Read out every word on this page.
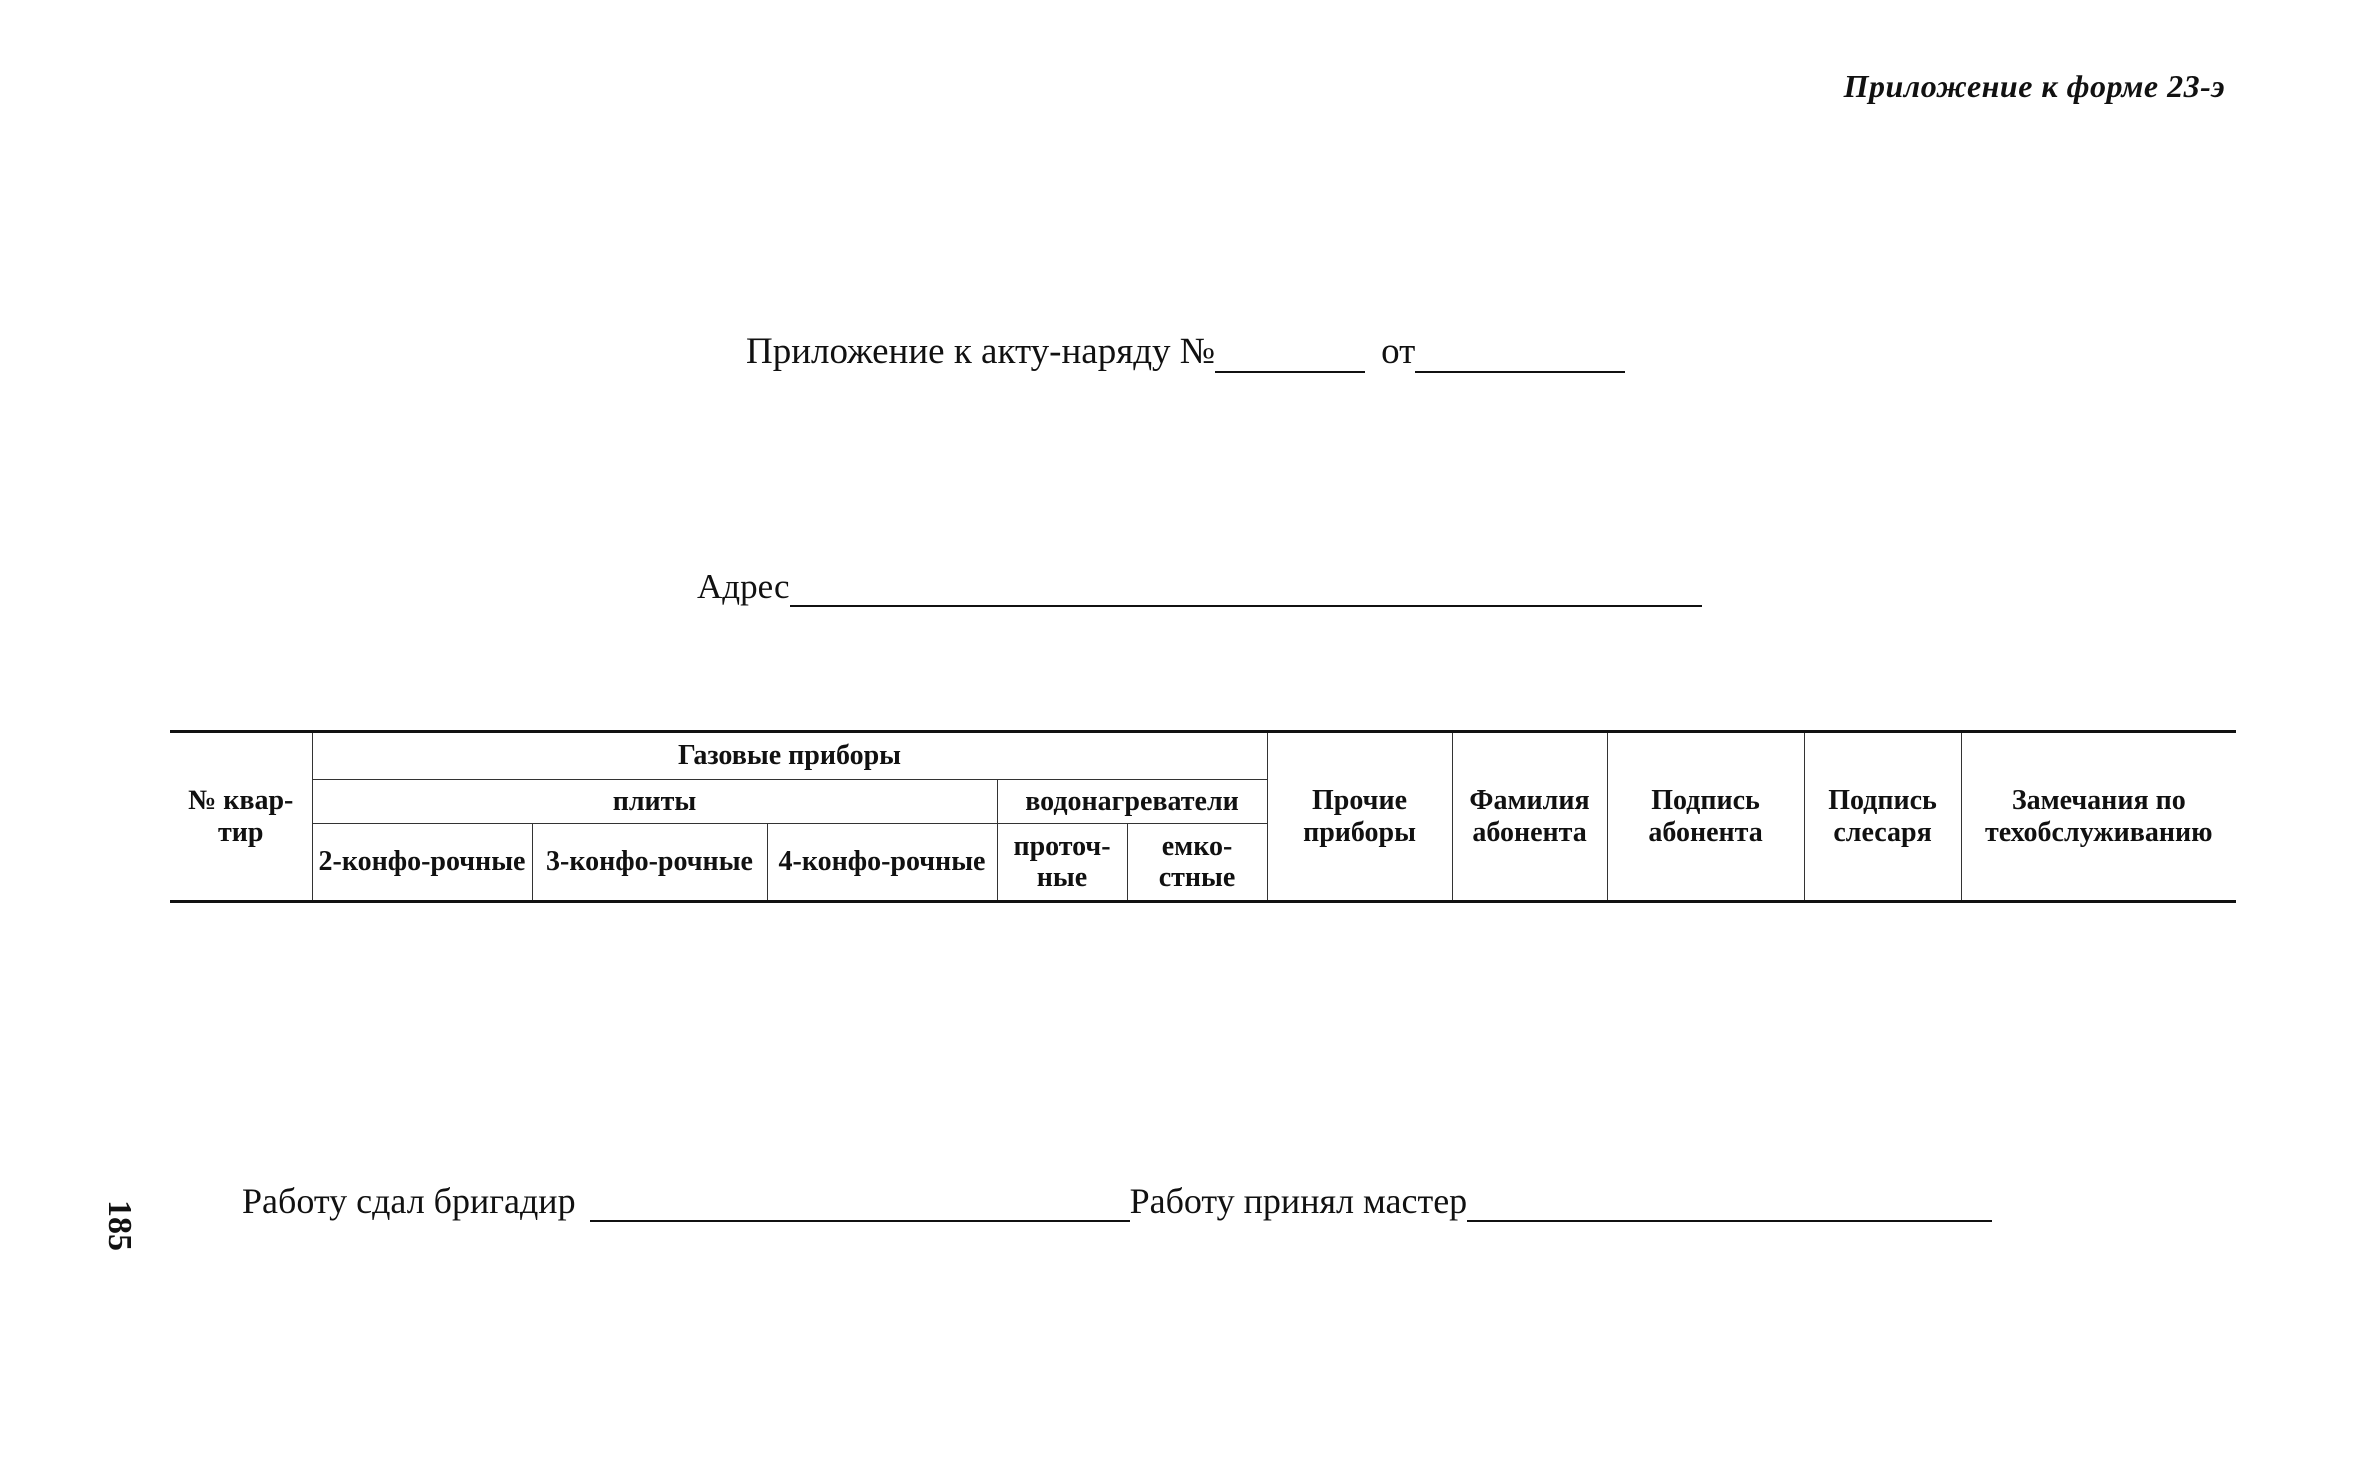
Приложение к форме 23-э
Приложение к акту-наряду №	от
Адрес
№ квар-тир	Газовые приборы					Прочие приборы	Фамилия абонента	Подпись абонента	Подпись слесаря	Замечания по техобслуживанию
	плиты			водонагреватели						
	2-конфо-рочные	3-конфо-рочные	4-конфо-рочные	проточ-ные	емко-стные					
Работу сдал бригадир	Работу принял мастер
185
